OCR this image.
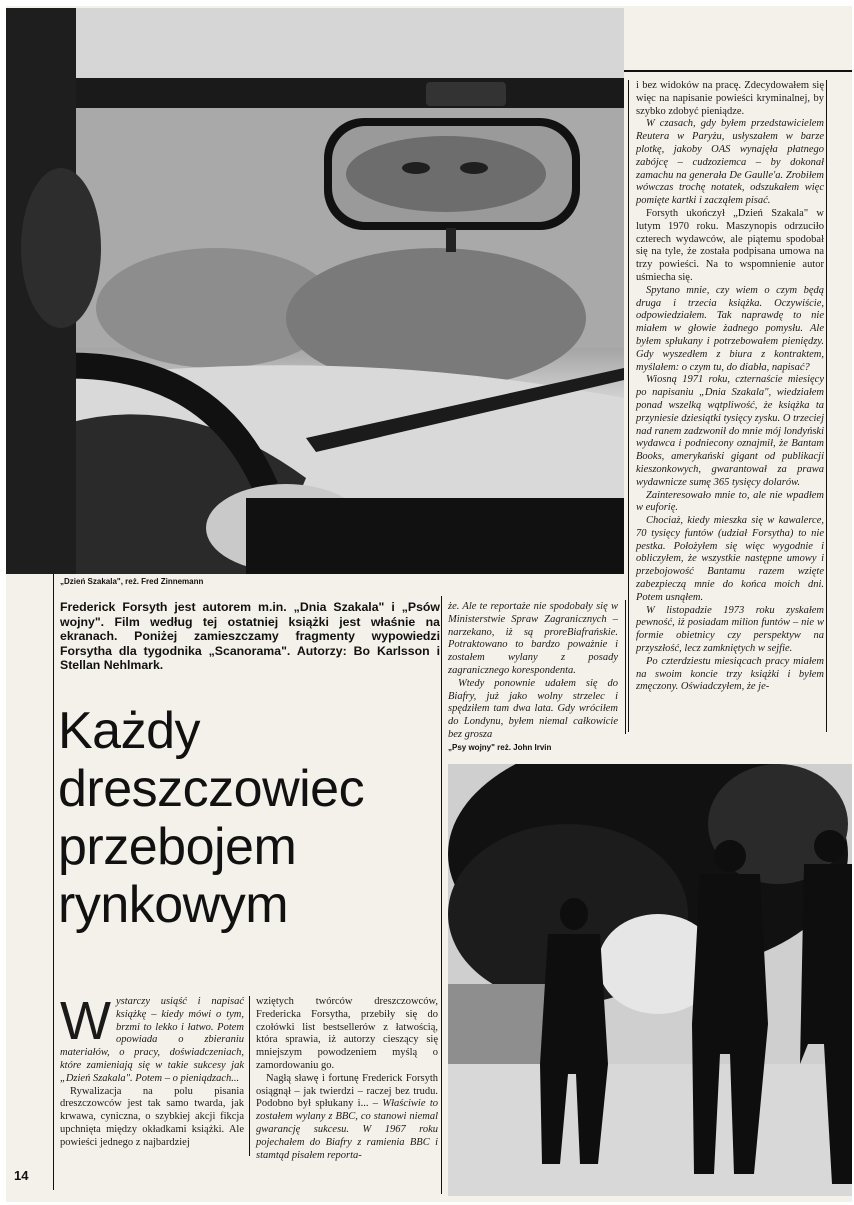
„Dzień Szakala", reż. Fred Zinnemann

i bez widoków na pracę. Zdecydowałem się więc na napisanie powieści kryminalnej, by szybko zdobyć pieniądze.

W czasach, gdy byłem przedstawicielem Reutera w Paryżu, usłyszałem w barze plotkę, jakoby OAS wynajęła płatnego zabójcę – cudzoziemca – by dokonał zamachu na generała De Gaulle'a. Zrobiłem wówczas trochę notatek, odszukałem więc pomięte kartki i zacząłem pisać.

Forsyth ukończył „Dzień Szakala" w lutym 1970 roku. Maszynopis odrzuciło czterech wydawców, ale piątemu spodobał się na tyle, że została podpisana umowa na trzy powieści. Na to wspomnienie autor uśmiecha się.

Spytano mnie, czy wiem o czym będą druga i trzecia książka. Oczywiście, odpowiedziałem. Tak naprawdę to nie miałem w głowie żadnego pomysłu. Ale byłem spłukany i potrzebowałem pieniędzy. Gdy wyszedłem z biura z kontraktem, myślałem: o czym tu, do diabła, napisać?

Wiosną 1971 roku, czternaście miesięcy po napisaniu „Dnia Szakala", wiedziałem ponad wszelką wątpliwość, że książka ta przyniesie dziesiątki tysięcy zysku. O trzeciej nad ranem zadzwonił do mnie mój londyński wydawca i podniecony oznajmił, że Bantam Books, amerykański gigant od publikacji kieszonkowych, gwarantował za prawa wydawnicze sumę 365 tysięcy dolarów.

Zainteresowało mnie to, ale nie wpadłem w euforię.

Chociaż, kiedy mieszka się w kawalerce, 70 tysięcy funtów (udział Forsytha) to nie pestka. Położyłem się więc wygodnie i obliczyłem, że wszystkie następne umowy i przebojowość Bantamu razem wzięte zabezpieczą mnie do końca moich dni. Potem usnąłem.

W listopadzie 1973 roku zyskałem pewność, iż posiadam milion funtów – nie w formie obietnicy czy perspektyw na przyszłość, lecz zamkniętych w sejfie.

Po czterdziestu miesiącach pracy miałem na swoim koncie trzy książki i byłem zmęczony. Oświadczyłem, że je-

Frederick Forsyth jest autorem m.in. „Dnia Szakala" i „Psów wojny". Film według tej ostatniej książki jest właśnie na ekranach. Poniżej zamieszczamy fragmenty wypowiedzi Forsytha dla tygodnika „Scanorama". Autorzy: Bo Karlsson i Stellan Nehlmark.

że. Ale te reportaże nie spodobały się w Ministerstwie Spraw Zagranicznych – narzekano, iż są proreBiafrańskie. Potraktowano to bardzo poważnie i zostałem wylany z posady zagranicznego korespondenta.

Wtedy ponownie udałem się do Biafry, już jako wolny strzelec i spędziłem tam dwa lata. Gdy wróciłem do Londynu, byłem niemal całkowicie bez grosza

Każdy
dreszczowiec
przebojem
rynkowym

Wystarczy usiąść i napisać książkę – kiedy mówi o tym, brzmi to lekko i łatwo. Potem opowiada o zbieraniu materiałów, o pracy, doświadczeniach, które zamieniają się w takie sukcesy jak „Dzień Szakala". Potem – o pieniądzach...

Rywalizacja na polu pisania dreszczowców jest tak samo twarda, jak krwawa, cyniczna, o szybkiej akcji fikcja upchnięta między okładkami książki. Ale powieści jednego z najbardziej

wziętych twórców dreszczowców, Fredericka Forsytha, przebiły się do czołówki list bestsellerów z łatwością, która sprawia, iż autorzy cieszący się mniejszym powodzeniem myślą o zamordowaniu go.

Nagłą sławę i fortunę Frederick Forsyth osiągnął – jak twierdzi – raczej bez trudu. Podobno był spłukany i... – Właściwie to zostałem wylany z BBC, co stanowi niemal gwarancję sukcesu. W 1967 roku pojechałem do Biafry z ramienia BBC i stamtąd pisałem reporta-

„Psy wojny" reż. John Irvin
14
